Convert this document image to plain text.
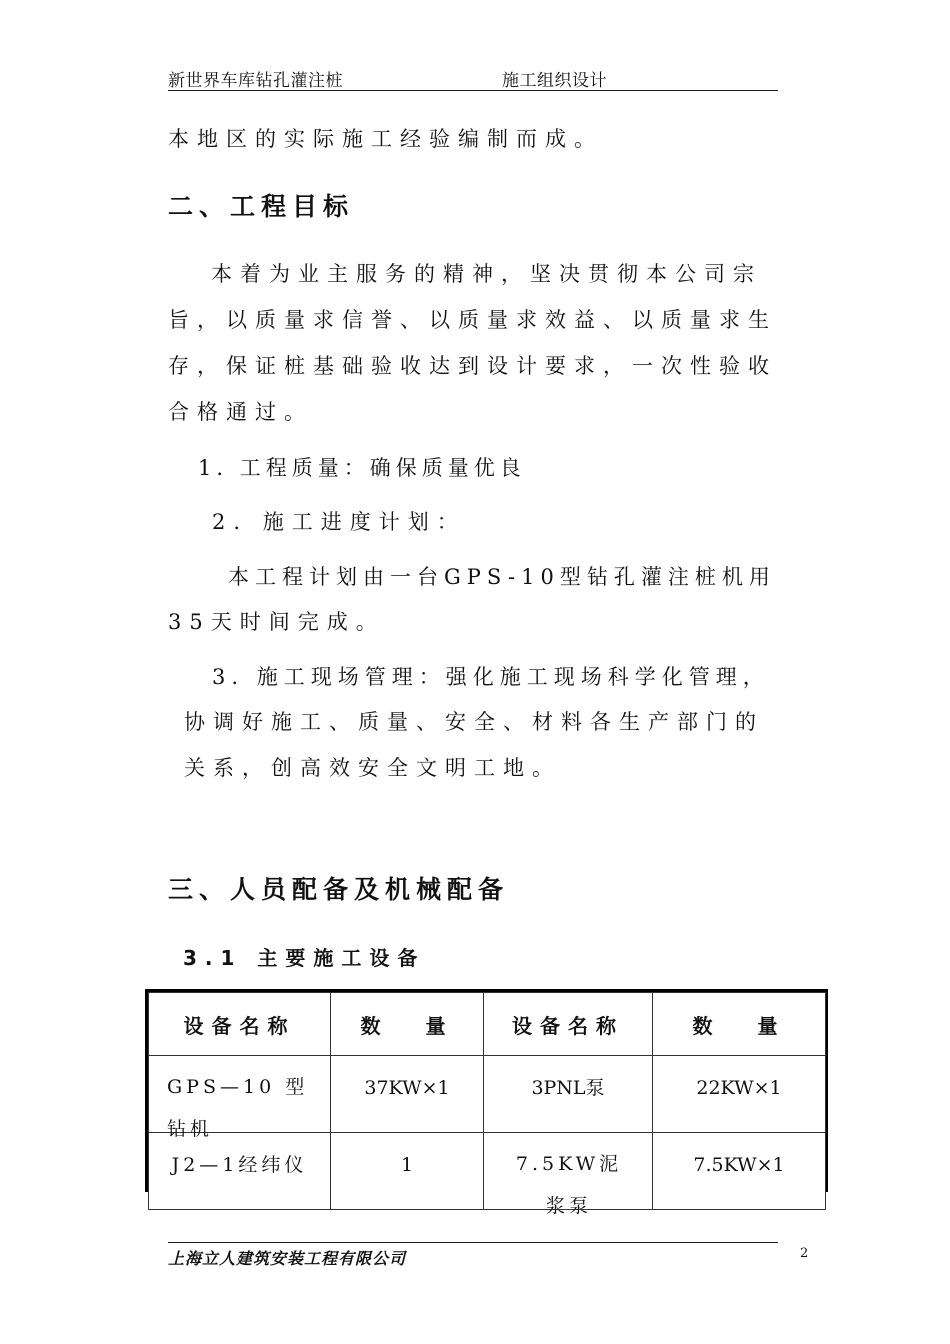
新世界车库钻孔灌注桩	施工组织设计
本地区的实际施工经验编制而成。
二、工程目标
本着为业主服务的精神，坚决贯彻本公司宗
旨，以质量求信誉、以质量求效益、以质量求生
存，保证桩基础验收达到设计要求，一次性验收
合格通过。
1. 工程质量：确保质量优良
2. 施工进度计划：
本工程计划由一台GPS-10型钻孔灌注桩机用
35天时间完成。
3. 施工现场管理：强化施工现场科学化管理，
协调好施工、质量、安全、材料各生产部门的
关系，创高效安全文明工地。
三、人员配备及机械配备
3.1 主要施工设备
设备名称	数 量	设备名称	数 量

GPS—10 型钻机	37KW×1	3PNL泵	22KW×1

J2—1经纬仪	1	7.5KW泥浆泵	7.5KW×1
上海立人建筑安装工程有限公司	2
